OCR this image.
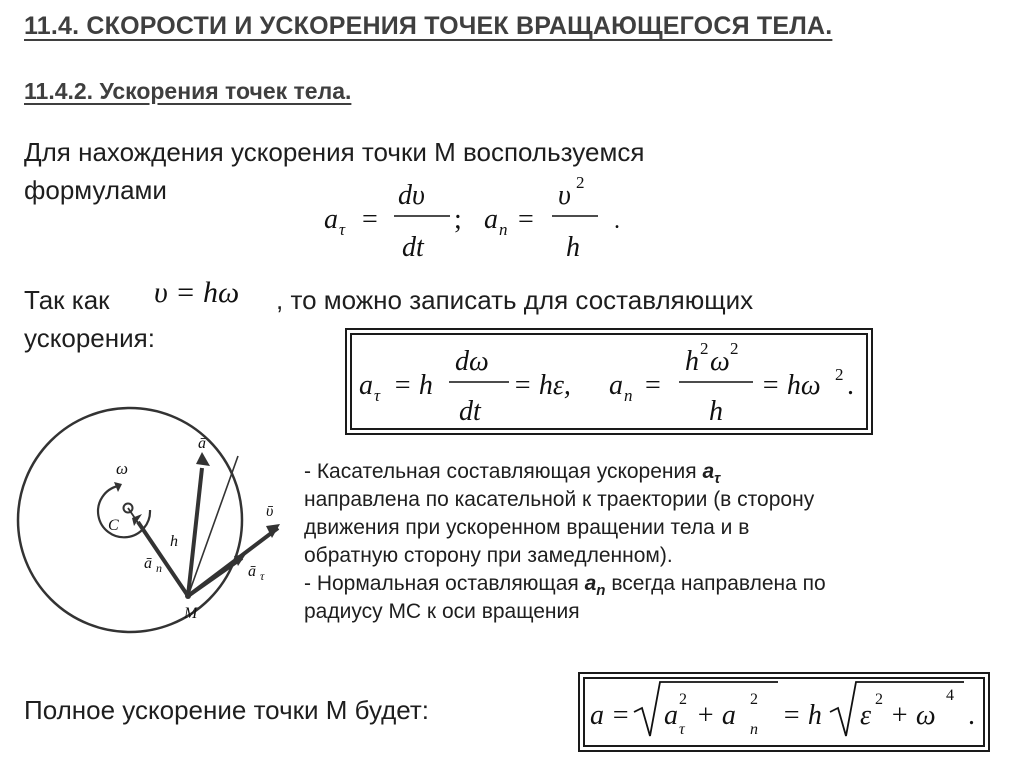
11.4. СКОРОСТИ И УСКОРЕНИЯ ТОЧЕК ВРАЩАЮЩЕГОСЯ ТЕЛА.
11.4.2. Ускорения точек тела.
Для нахождения ускорения точки М воспользуемся
формулами
a τ =
dυ
dt
; a n =
υ 2
h
.
Так как υ = hω , то можно записать для составляющих
ускорения:
a τ = h
dω
dt
= hε, a n =
h 2 ω 2
h
= hω 2 .
ω
C
ā
ā n
ῡ
ā τ
h
M
- Касательная составляющая ускорения $a_\tau$
направлена по касательной к траектории (в сторону
движения при ускоренном вращении тела и в
обратную сторону при замедленном).
- Нормальная оставляющая $a_n$ всегда направлена по
радиусу МС к оси вращения
Полное ускорение точки М будет:	a = a
2
τ + a
2
n = h ε
2
+ ω
4
.
